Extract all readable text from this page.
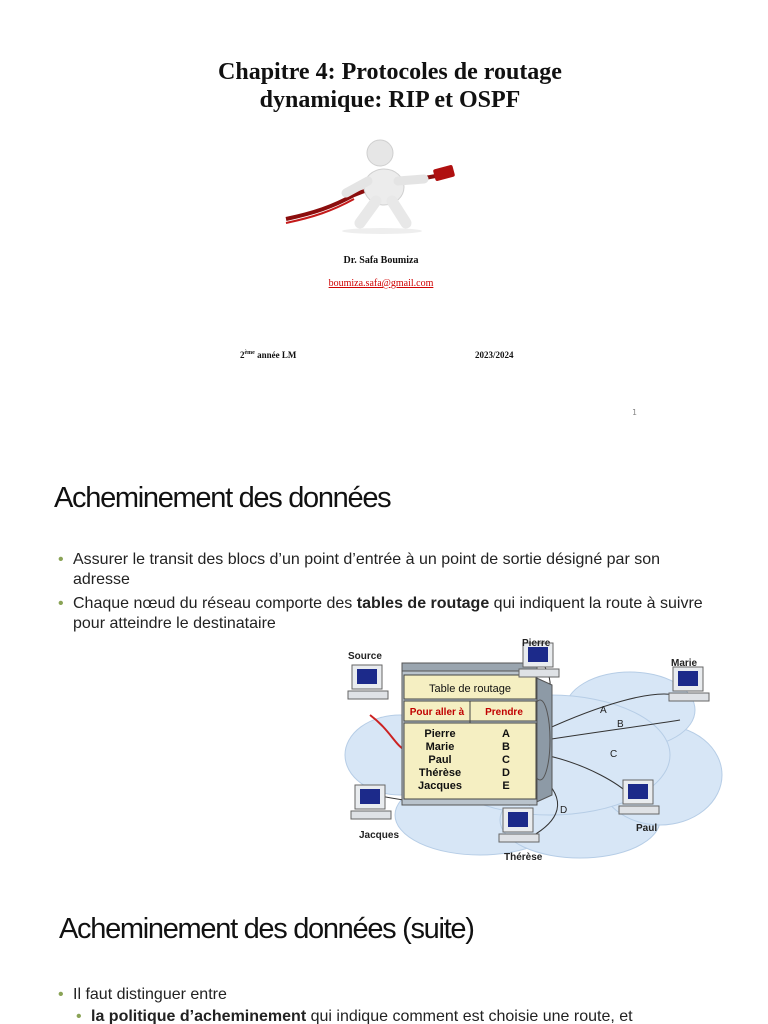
Chapitre 4: Protocoles de routage
dynamique: RIP et OSPF
Dr. Safa Boumiza
boumiza.safa@gmail.com
2ème année LM	2023/2024
1
Acheminement des données
• Assurer le transit des blocs d’un point d’entrée à un point de sortie désigné par son adresse
• Chaque nœud du réseau comporte des tables de routage qui indiquent la route à suivre pour atteindre le destinataire
A
B
C
D
Table de routage
Pour aller à Prendre
Pierre
Marie
Paul
Thérèse
Jacques
A
B
C
D
E
Source
Pierre
Marie
Paul
Thérèse
Jacques
Acheminement des données (suite)
• Il faut distinguer entre
• la politique d’acheminement qui indique comment est choisie une route, et
